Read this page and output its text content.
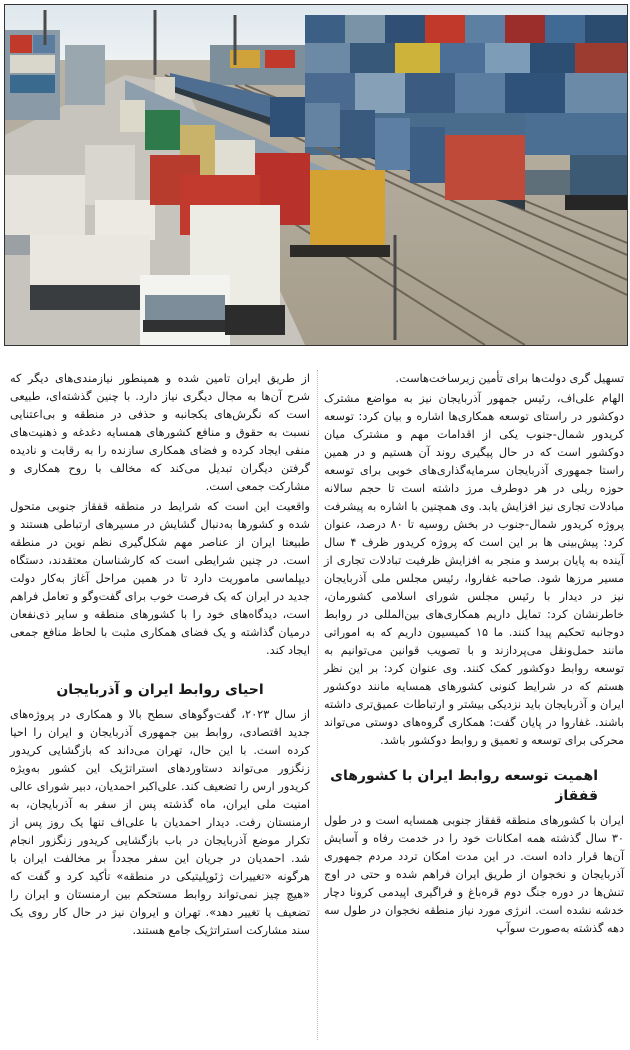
تسهیل گری دولت‌ها برای تأمین زیرساخت‌هاست.

الهام علی‌اف، رئیس جمهور آذربایجان نیز به مواضع مشترک دوکشور در راستای توسعه همکاری‌ها اشاره و بیان کرد: توسعه کریدور شمال-جنوب یکی از اقدامات مهم و مشترک میان دوکشور است که در حال پیگیری روند آن هستیم و در همین راستا جمهوری آذربایجان سرمایه‌گذاری‌های خوبی برای توسعه حوزه ریلی در هر دوطرف مرز داشته است تا حجم سالانه مبادلات تجاری نیز افزایش یابد. وی همچنین با اشاره به پیشرفت پروژه کریدور شمال-جنوب در بخش روسیه تا ۸۰ درصد، عنوان کرد: پیش‌بینی ها بر این است که پروژه کریدور ظرف ۴ سال آینده به پایان برسد و منجر به افزایش ظرفیت تبادلات تجاری از مسیر مرزها شود. صاحبه غفاروا، رئیس مجلس ملی آذربایجان نیز در دیدار با رئیس مجلس شورای اسلامی کشورمان، خاطرنشان کرد: تمایل داریم همکاری‌های بین‌المللی در روابط دوجانبه تحکیم پیدا کنند. ما ۱۵ کمیسیون داریم که به اموراتی مانند حمل‌ونقل می‌پردازند و با تصویب قوانین می‌توانیم به توسعه روابط دوکشور کمک کنند. وی عنوان کرد: بر این نظر هستم که در شرایط کنونی کشورهای همسایه مانند دوکشور ایران و آذربایجان باید نزدیکی بیشتر و ارتباطات عمیق‌تری داشته باشند. غفاروا در پایان گفت: همکاری گروه‌های دوستی می‌تواند محرکی برای توسعه و تعمیق و روابط دوکشور باشد.

اهمیت توسعه روابط ایران با کشورهای قفقاز

ایران با کشورهای منطقه قفقاز جنوبی همسایه است و در طول ۳۰ سال گذشته همه امکانات خود را در خدمت رفاه و آسایش آن‌ها قرار داده است. در این مدت امکان تردد مردم جمهوری آذربایجان و نخجوان از طریق ایران فراهم شده و حتی در اوج تنش‌ها در دوره جنگ دوم قره‌باغ و فراگیری اپیدمی کرونا دچار خدشه نشده است. انرژی مورد نیاز منطقه نخجوان در طول سه دهه گذشته به‌صورت سوآپ

از طریق ایران تامین شده و همینطور نیازمندی‌های دیگر که شرح آن‌ها به مجال دیگری نیاز دارد. با چنین گذشته‌ای، طبیعی است که نگرش‌های یکجانبه و حذفی در منطقه و بی‌اعتنایی نسبت به حقوق و منافع کشورهای همسایه دغدغه و ذهنیت‌های منفی ایجاد کرده و فضای همکاری سازنده را به رقابت و نادیده گرفتن دیگران تبدیل می‌کند که مخالف با روح همکاری و مشارکت جمعی است.

واقعیت این است که شرایط در منطقه قفقاز جنوبی متحول شده و کشورها به‌دنبال گشایش در مسیرهای ارتباطی هستند و طبیعتا ایران از عناصر مهم شکل‌گیری نظم نوین در منطقه است. در چنین شرایطی است که کارشناسان معتقدند، دستگاه دیپلماسی ماموریت دارد تا در همین مراحل آغاز به‌کار دولت جدید در ایران که یک فرصت خوب برای گفت‌وگو و تعامل فراهم است، دیدگاه‌های خود را با کشورهای منطقه و سایر ذی‌نفعان درمیان گذاشته و یک فضای همکاری مثبت با لحاظ منافع جمعی ایجاد کند.

احیای روابط ایران و آذربایجان

از سال ۲۰۲۳، گفت‌وگوهای سطح بالا و همکاری در پروژه‌های جدید اقتصادی، روابط بین جمهوری آذربایجان و ایران را احیا کرده است. با این حال، تهران می‌داند که بازگشایی کریدور زنگزور می‌تواند دستاوردهای استراتژیک این کشور به‌ویژه کریدور ارس را تضعیف کند. علی‌اکبر احمدیان، دبیر شورای عالی امنیت ملی ایران، ماه گذشته پس از سفر به آذربایجان، به ارمنستان رفت. دیدار احمدیان با علی‌اف تنها یک روز پس از تکرار موضع آذربایجان در باب بازگشایی کریدور زنگزور انجام شد. احمدیان در جریان این سفر مجدداً بر مخالفت ایران با هرگونه «تغییرات ژئوپلیتیکی در منطقه» تأکید کرد و گفت که «هیچ چیز نمی‌تواند روابط مستحکم بین ارمنستان و ایران را تضعیف یا تغییر دهد». تهران و ایروان نیز در حال کار روی یک سند مشارکت استراتژیک جامع هستند.
